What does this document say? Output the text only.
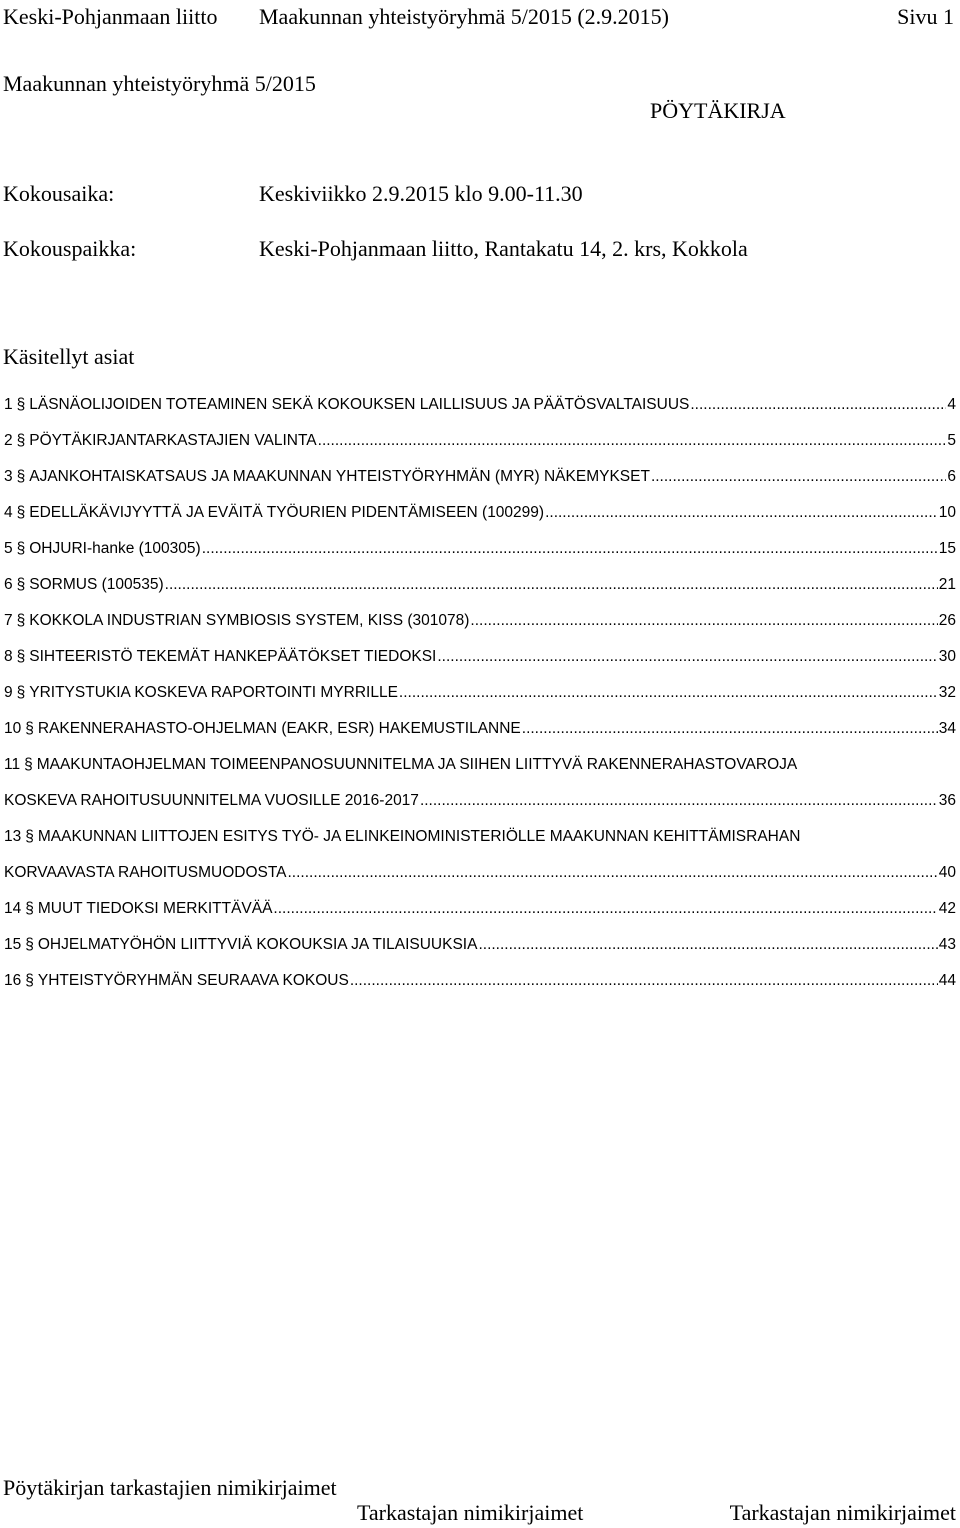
Keski-Pohjanmaan liitto Maakunnan yhteistyöryhmä 5/2015 (2.9.2015)	Sivu 1
Maakunnan yhteistyöryhmä 5/2015
PÖYTÄKIRJA
Kokousaika:	Keskiviikko 2.9.2015 klo 9.00-11.30
Kokouspaikka:	Keski-Pohjanmaan liitto, Rantakatu 14, 2. krs, Kokkola
Käsitellyt asiat
1 § LÄSNÄOLIJOIDEN TOTEAMINEN SEKÄ KOKOUKSEN LAILLISUUS JA PÄÄTÖSVALTAISUUS .....	4
2 § PÖYTÄKIRJANTARKASTAJIEN VALINTA .....	5
3 § AJANKOHTAISKATSAUS JA MAAKUNNAN YHTEISTYÖRYHMÄN (MYR) NÄKEMYKSET .....	6
4 § EDELLÄKÄVIJYYTTÄ JA EVÄITÄ TYÖURIEN PIDENTÄMISEEN (100299) .....	10
5 § OHJURI-hanke (100305) .....	15
6 § SORMUS (100535) .....	21
7 § KOKKOLA INDUSTRIAN SYMBIOSIS SYSTEM, KISS (301078) .....	26
8 § SIHTEERISTÖ TEKEMÄT HANKEPÄÄTÖKSET TIEDOKSI .....	30
9 § YRITYSTUKIA KOSKEVA RAPORTOINTI MYRRILLE .....	32
10 § RAKENNERAHASTO-OHJELMAN (EAKR, ESR) HAKEMUSTILANNE .....	34
11 § MAAKUNTAOHJELMAN TOIMEENPANOSUUNNITELMA JA SIIHEN LIITTYVÄ RAKENNERAHASTOVAROJA
KOSKEVA RAHOITUSUUNNITELMA VUOSILLE 2016-2017 .....	36
13 § MAAKUNNAN LIITTOJEN ESITYS TYÖ- JA ELINKEINOMINISTERIÖLLE MAAKUNNAN KEHITTÄMISRAHAN
KORVAAVASTA RAHOITUSMUODOSTA .....	40
14 § MUUT TIEDOKSI MERKITTÄVÄÄ .....	42
15 § OHJELMATYÖHÖN LIITTYVIÄ KOKOUKSIA JA TILAISUUKSIA .....	43
16 § YHTEISTYÖRYHMÄN SEURAAVA KOKOUS .....	44
Pöytäkirjan tarkastajien nimikirjaimet
Tarkastajan nimikirjaimet	Tarkastajan nimikirjaimet
